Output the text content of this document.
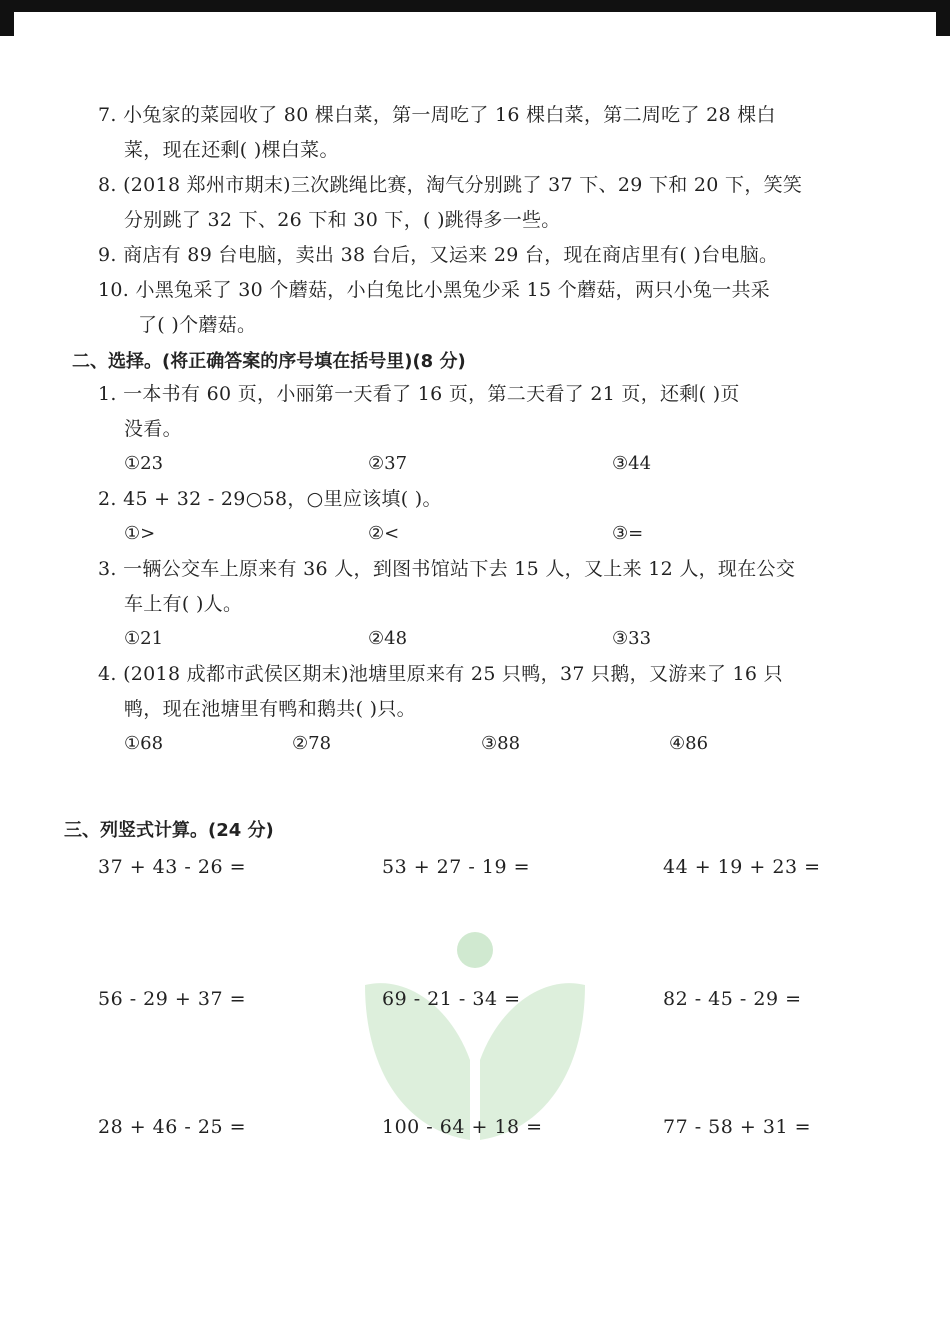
7. 小兔家的菜园收了 80 棵白菜，第一周吃了 16 棵白菜，第二周吃了 28 棵白
菜，现在还剩( )棵白菜。
8. (2018 郑州市期末)三次跳绳比赛，淘气分别跳了 37 下、29 下和 20 下，笑笑
分别跳了 32 下、26 下和 30 下，( )跳得多一些。
9. 商店有 89 台电脑，卖出 38 台后，又运来 29 台，现在商店里有( )台电脑。
10. 小黑兔采了 30 个蘑菇，小白兔比小黑兔少采 15 个蘑菇，两只小兔一共采
了( )个蘑菇。
二、选择。(将正确答案的序号填在括号里)(8 分)
1. 一本书有 60 页，小丽第一天看了 16 页，第二天看了 21 页，还剩( )页
没看。
①23	②37	③44
2. 45 + 32 - 29○58，○里应该填( )。
①>	②<	③=
3. 一辆公交车上原来有 36 人，到图书馆站下去 15 人，又上来 12 人，现在公交
车上有( )人。
①21	②48	③33
4. (2018 成都市武侯区期末)池塘里原来有 25 只鸭，37 只鹅，又游来了 16 只
鸭，现在池塘里有鸭和鹅共( )只。
①68	②78	③88	④86
三、列竖式计算。(24 分)
37 + 43 - 26 =	53 + 27 - 19 =	44 + 19 + 23 =
56 - 29 + 37 =	69 - 21 - 34 =	82 - 45 - 29 =
28 + 46 - 25 =	100 - 64 + 18 =	77 - 58 + 31 =
